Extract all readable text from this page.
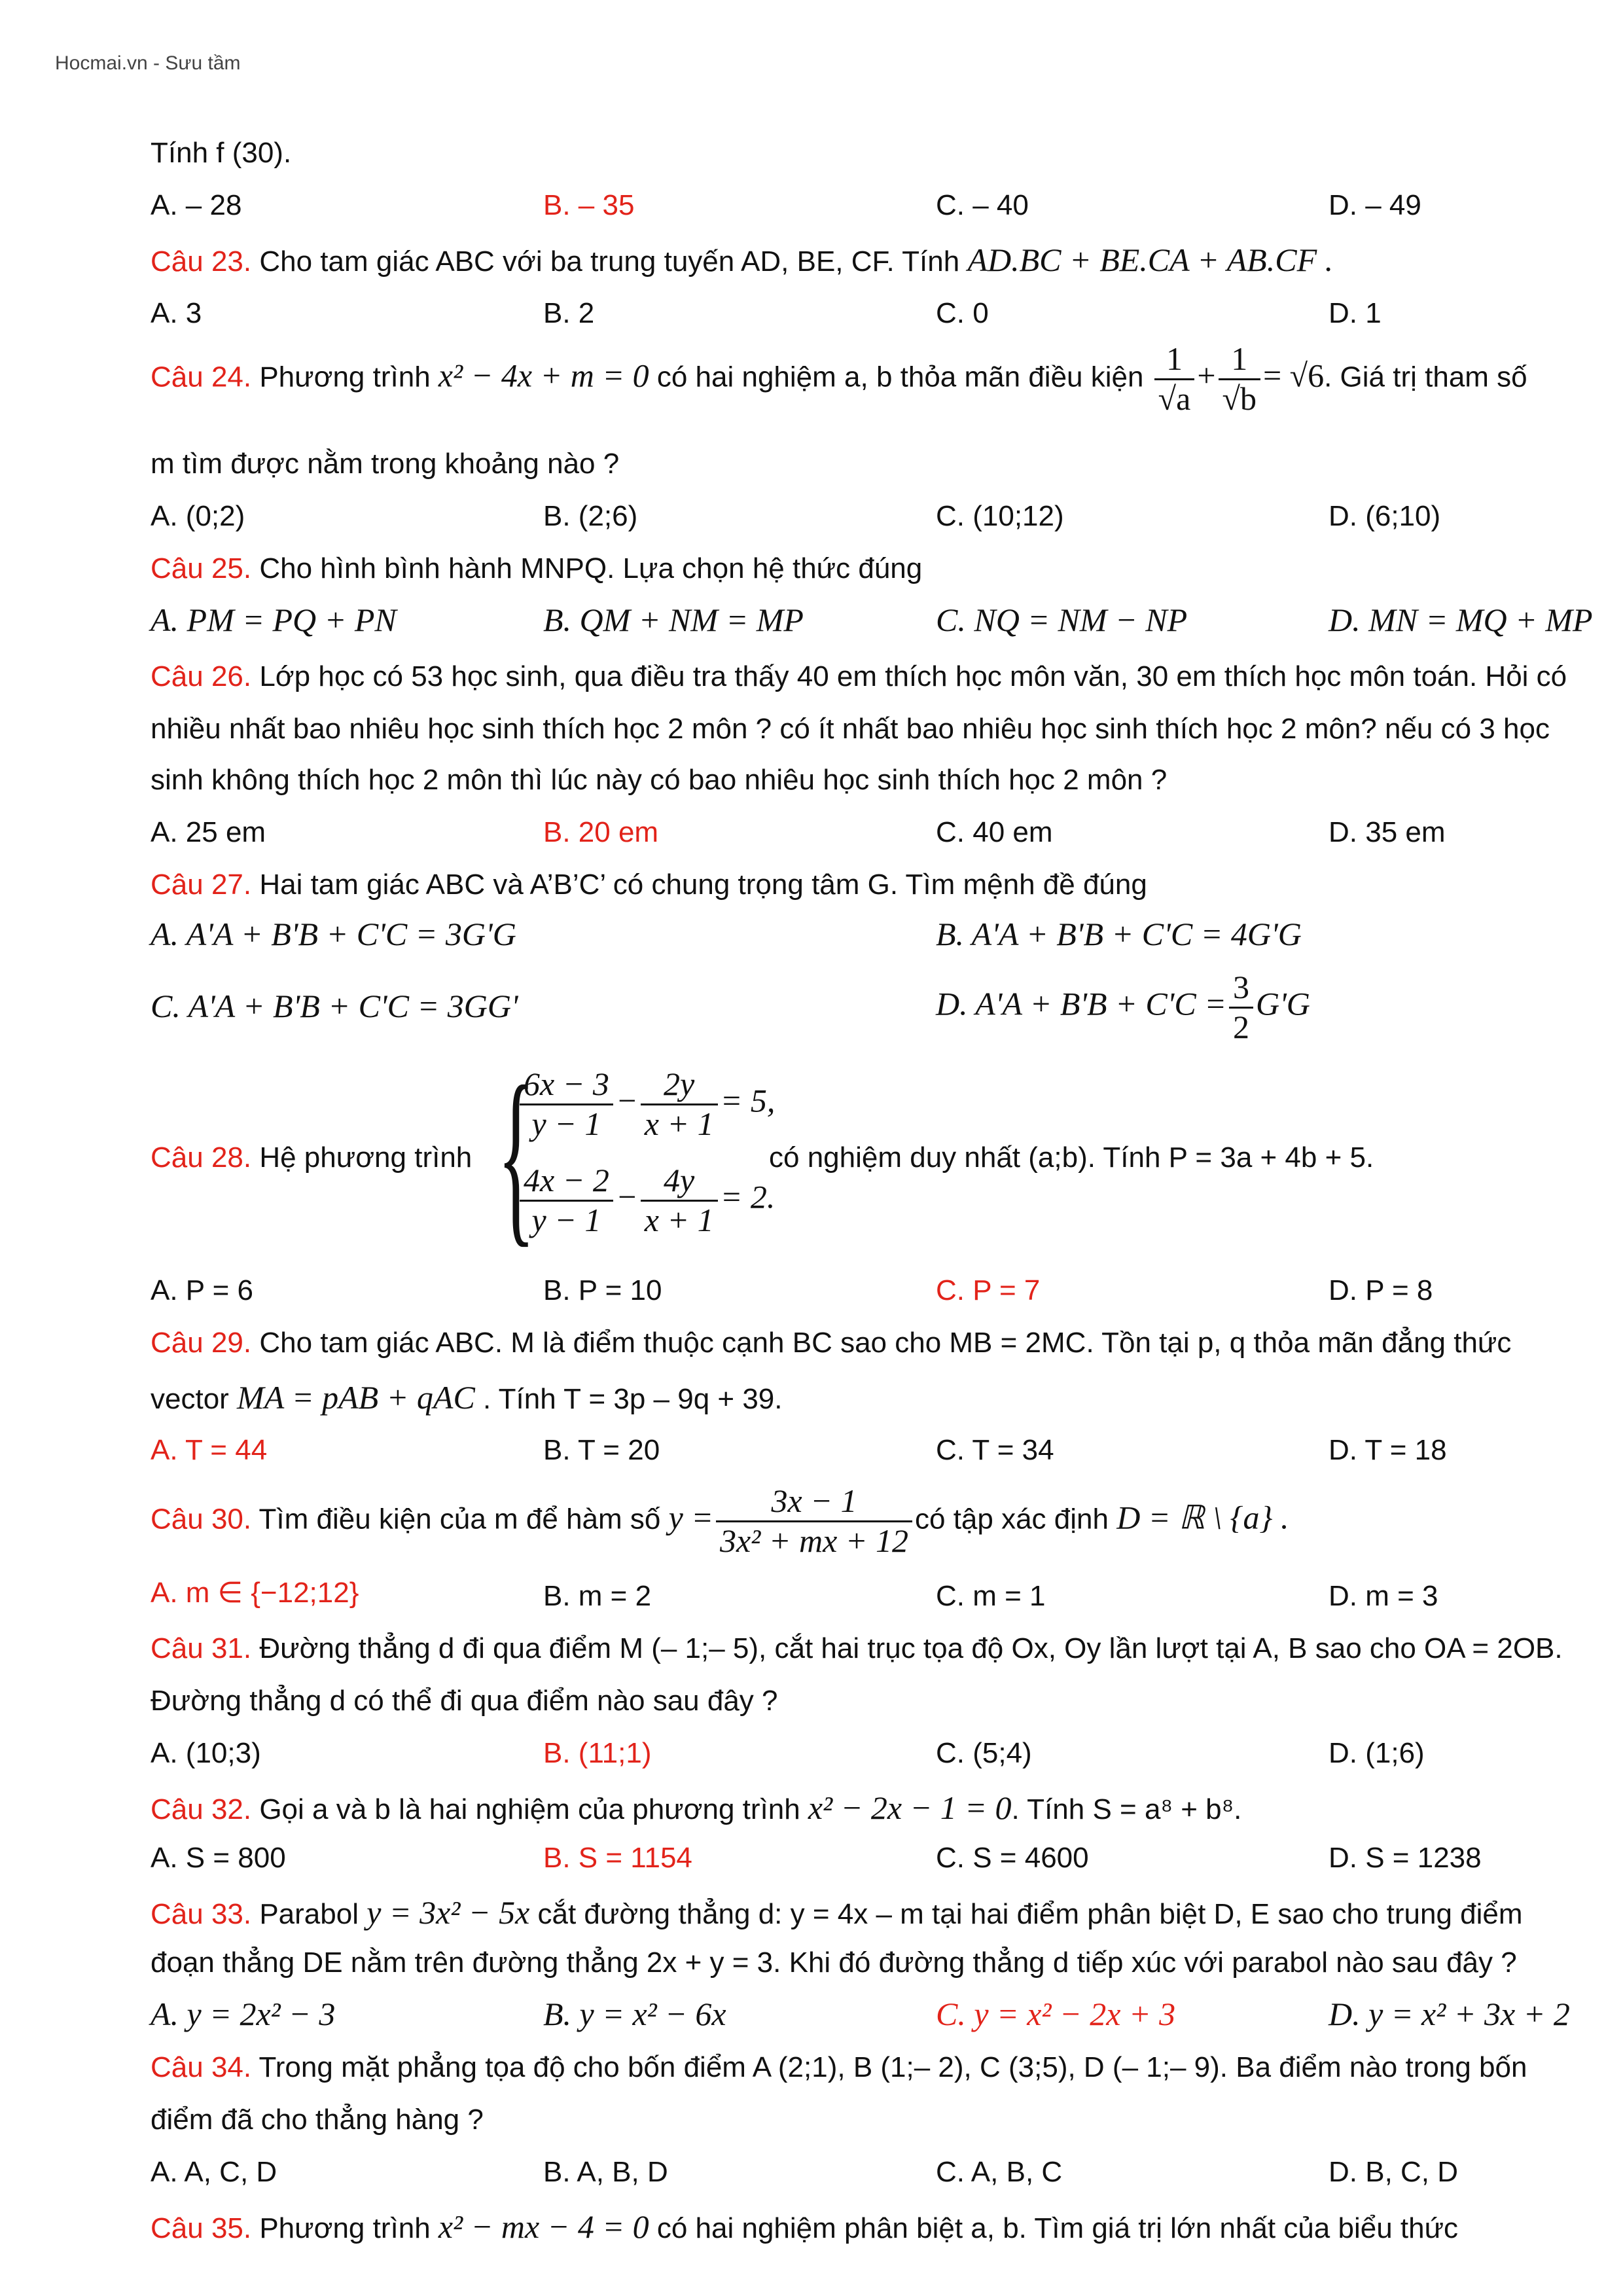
Hocmai.vn - Sưu tầm
Tính f (30).
A. – 28	B. – 35	C. – 40	D. – 49
Câu 23. Cho tam giác ABC với ba trung tuyến AD, BE, CF. Tính AD.BC + BE.CA + AB.CF .
A. 3	B. 2	C. 0	D. 1
Câu 24. Phương trình x² − 4x + m = 0 có hai nghiệm a, b thỏa mãn điều kiện $\frac{1}{√a} + \frac{1}{√b} = √6$. Giá trị tham số
m tìm được nằm trong khoảng nào ?
A. (0;2)	B. (2;6)	C. (10;12)	D. (6;10)
Câu 25. Cho hình bình hành MNPQ. Lựa chọn hệ thức đúng
A. PM = PQ + PN	B. QM + NM = MP	C. NQ = NM − NP	D. MN = MQ + MP
Câu 26. Lớp học có 53 học sinh, qua điều tra thấy 40 em thích học môn văn, 30 em thích học môn toán. Hỏi có
nhiều nhất bao nhiêu học sinh thích học 2 môn ? có ít nhất bao nhiêu học sinh thích học 2 môn? nếu có 3 học
sinh không thích học 2 môn thì lúc này có bao nhiêu học sinh thích học 2 môn ?
A. 25 em	B. 20 em	C. 40 em	D. 35 em
Câu 27. Hai tam giác ABC và A’B’C’ có chung trọng tâm G. Tìm mệnh đề đúng
A. A'A + B'B + C'C = 3G'G	B. A'A + B'B + C'C = 4G'G
C. A'A + B'B + C'C = 3GG'	D. $A'A + B'B + C'C = \frac{3}{2} G'G$
Câu 28. Hệ phương trình {
$\frac{6x - 3}{y - 1} - \frac{2y}{x + 1} = 5$,
$\frac{4x - 2}{y - 1} - \frac{4y}{x + 1} = 2$.
có nghiệm duy nhất (a;b). Tính P = 3a + 4b + 5.
A. P = 6	B. P = 10	C. P = 7	D. P = 8
Câu 29. Cho tam giác ABC. M là điểm thuộc cạnh BC sao cho MB = 2MC. Tồn tại p, q thỏa mãn đẳng thức
vector MA = pAB + qAC . Tính T = 3p – 9q + 39.
A. T = 44	B. T = 20	C. T = 34	D. T = 18
Câu 30. Tìm điều kiện của m để hàm số $y = \frac{3x - 1}{\text{3x² + mx + 12}}$ có tập xác định D = ℝ \ {a} .
A. m ∈ {−12;12}	B. m = 2	C. m = 1	D. m = 3
Câu 31. Đường thẳng d đi qua điểm M (– 1;– 5), cắt hai trục tọa độ Ox, Oy lần lượt tại A, B sao cho OA = 2OB.
Đường thẳng d có thể đi qua điểm nào sau đây ?
A. (10;3)	B. (11;1)	C. (5;4)	D. (1;6)
Câu 32. Gọi a và b là hai nghiệm của phương trình x² − 2x − 1 = 0. Tính S = a⁸ + b⁸.
A. S = 800	B. S = 1154	C. S = 4600	D. S = 1238
Câu 33. Parabol y = 3x² − 5x cắt đường thẳng d: y = 4x – m tại hai điểm phân biệt D, E sao cho trung điểm
đoạn thẳng DE nằm trên đường thẳng 2x + y = 3. Khi đó đường thẳng d tiếp xúc với parabol nào sau đây ?
A. y = 2x² − 3	B. y = x² − 6x	C. y = x² − 2x + 3	D. y = x² + 3x + 2
Câu 34. Trong mặt phẳng tọa độ cho bốn điểm A (2;1), B (1;– 2), C (3;5), D (– 1;– 9). Ba điểm nào trong bốn
điểm đã cho thẳng hàng ?
A. A, C, D	B. A, B, D	C. A, B, C	D. B, C, D
Câu 35. Phương trình x² − mx − 4 = 0 có hai nghiệm phân biệt a, b. Tìm giá trị lớn nhất của biểu thức
